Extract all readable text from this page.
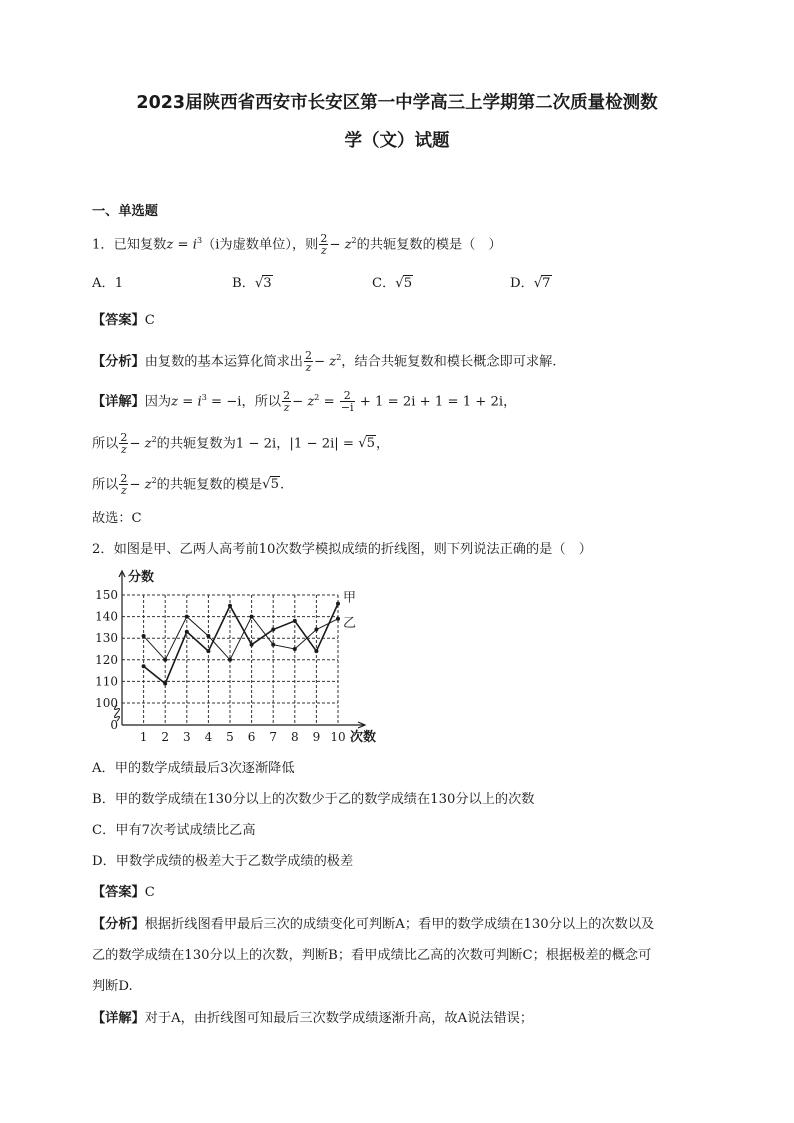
2023届陕西省西安市长安区第一中学高三上学期第二次质量检测数
学（文）试题
一、单选题
1．已知复数$z = i^3(i$为虚数单位），则 $\frac{2}{z} - z^2$的共轭复数的模是（　）
A．1	B．√3	C．√5	D．√7
【答案】C
【分析】由复数的基本运算化简求出 $\frac{2}{z} - z^2$，结合共轭复数和模长概念即可求解.
【详解】因为$z = i^3 = -i$，所以 $\frac{2}{z} - z^2 = \frac{2}{-i} + 1 = 2i + 1 = 1 + 2i$，
所以 $\frac{2}{z} - z^2$的共轭复数为1 − 2i，|1 − 2i| = √5，
所以 $\frac{2}{z} - z^2$的共轭复数的模是√5.
故选：C
2．如图是甲、乙两人高考前10次数学模拟成绩的折线图，则下列说法正确的是（　）
100
110
120
130
140
150
0
1 2 3 4 5 6 7 8 9 10
甲
乙
分数
次数
A．甲的数学成绩最后3次逐渐降低
B．甲的数学成绩在130分以上的次数少于乙的数学成绩在130分以上的次数
C．甲有7次考试成绩比乙高
D．甲数学成绩的极差大于乙数学成绩的极差
【答案】C
【分析】根据折线图看甲最后三次的成绩变化可判断A；看甲的数学成绩在130分以上的次数以及
乙的数学成绩在130分以上的次数，判断B；看甲成绩比乙高的次数可判断C；根据极差的概念可
判断D.
【详解】对于A，由折线图可知最后三次数学成绩逐渐升高，故A说法错误；
